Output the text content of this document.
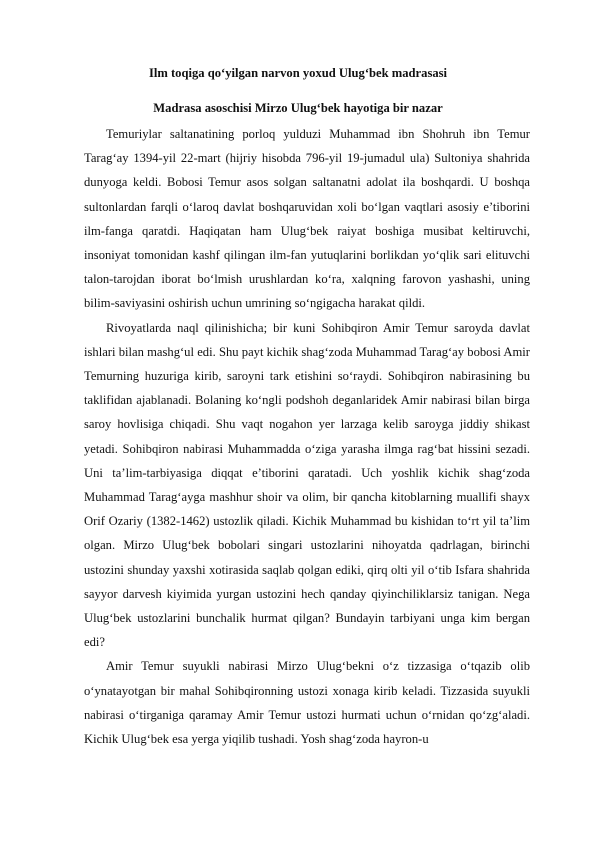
Ilm toqiga qo‘yilgan narvon yoxud Ulug‘bek madrasasi
Madrasa asoschisi Mirzo Ulug‘bek hayotiga bir nazar

Temuriylar saltanatining porloq yulduzi Muhammad ibn Shohruh ibn Temur Tarag‘ay 1394-yil 22-mart (hijriy hisobda 796-yil 19-jumadul ula) Sultoniya shahrida dunyoga keldi. Bobosi Temur asos solgan saltanatni adolat ila boshqardi. U boshqa sultonlardan farqli o‘laroq davlat boshqaruvidan xoli bo‘lgan vaqtlari asosiy e’tiborini ilm-fanga qaratdi. Haqiqatan ham Ulug‘bek raiyat boshiga musibat keltiruvchi, insoniyat tomonidan kashf qilingan ilm-fan yutuqlarini borlikdan yo‘qlik sari elituvchi talon-tarojdan iborat bo‘lmish urushlardan ko‘ra, xalqning farovon yashashi, uning bilim-saviyasini oshirish uchun umrining so‘ngigacha harakat qildi.

Rivoyatlarda naql qilinishicha; bir kuni Sohibqiron Amir Temur saroyda davlat ishlari bilan mashg‘ul edi. Shu payt kichik shag‘zoda Muhammad Tarag‘ay bobosi Amir Temurning huzuriga kirib, saroyni tark etishini so‘raydi. Sohibqiron nabirasining bu taklifidan ajablanadi. Bolaning ko‘ngli podshoh deganlaridek Amir nabirasi bilan birga saroy hovlisiga chiqadi. Shu vaqt nogahon yer larzaga kelib saroyga jiddiy shikast yetadi. Sohibqiron nabirasi Muhammadda o‘ziga yarasha ilmga rag‘bat hissini sezadi. Uni ta’lim-tarbiyasiga diqqat e’tiborini qaratadi. Uch yoshlik kichik shag‘zoda Muhammad Tarag‘ayga mashhur shoir va olim, bir qancha kitoblarning muallifi shayx Orif Ozariy (1382-1462) ustozlik qiladi. Kichik Muhammad bu kishidan to‘rt yil ta’lim olgan. Mirzo Ulug‘bek bobolari singari ustozlarini nihoyatda qadrlagan, birinchi ustozini shunday yaxshi xotirasida saqlab qolgan ediki, qirq olti yil o‘tib Isfara shahrida sayyor darvesh kiyimida yurgan ustozini hech qanday qiyinchiliklarsiz tanigan. Nega Ulug‘bek ustozlarini bunchalik hurmat qilgan? Bundayin tarbiyani unga kim bergan edi?

Amir Temur suyukli nabirasi Mirzo Ulug‘bekni o‘z tizzasiga o‘tqazib olib o‘ynatayotgan bir mahal Sohibqironning ustozi xonaga kirib keladi. Tizzasida suyukli nabirasi o‘tirganiga qaramay Amir Temur ustozi hurmati uchun o‘rnidan qo‘zg‘aladi. Kichik Ulug‘bek esa yerga yiqilib tushadi. Yosh shag‘zoda hayron-u
